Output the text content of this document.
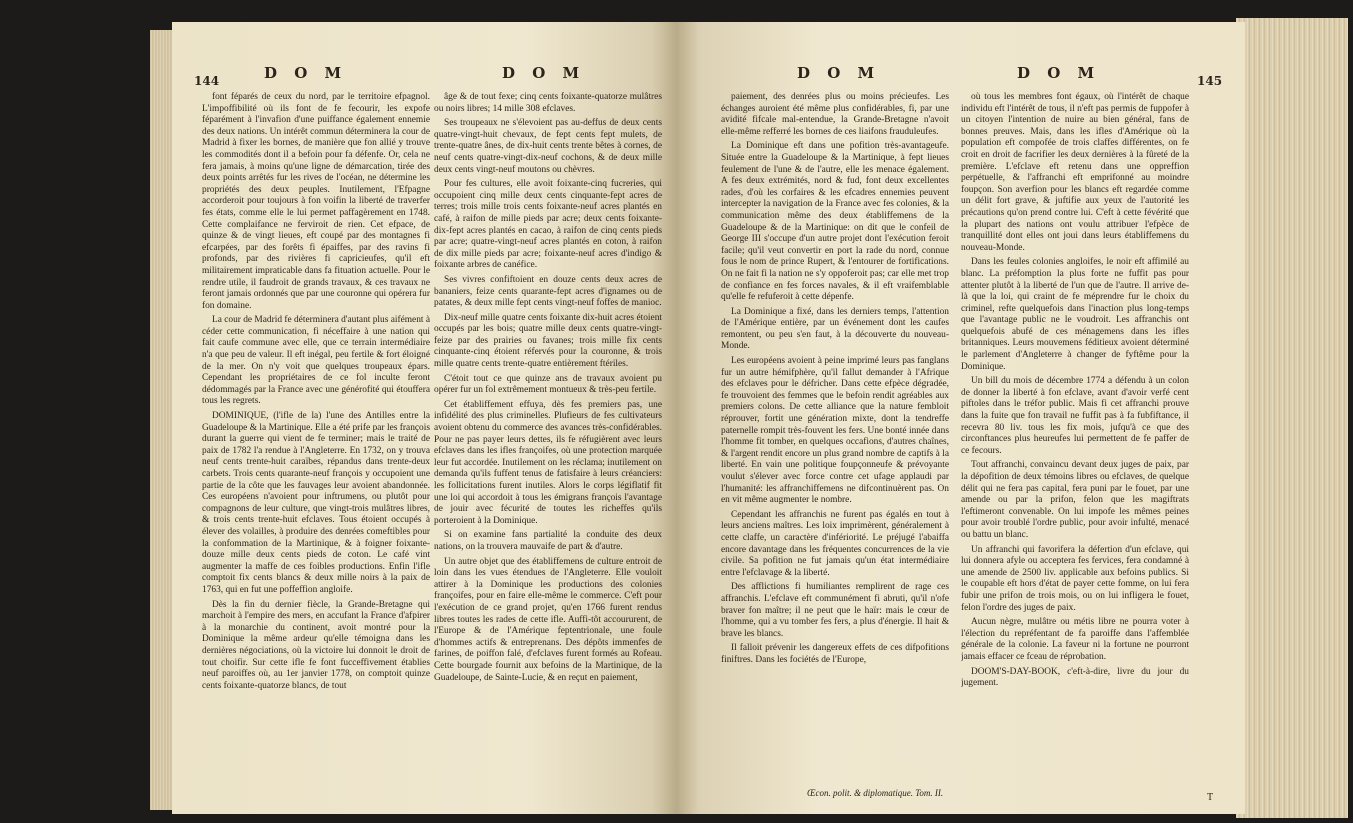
144	D O M	D O M

font féparés de ceux du nord, par le territoire efpagnol. L'impoffibilité où ils font de fe fecourir, les expofe féparément à l'invafion d'une puiffance également ennemie des deux nations. Un intérêt commun déterminera la cour de Madrid à fixer les bornes, de manière que fon allié y trouve les commodités dont il a befoin pour fa défenfe. Or, cela ne fera jamais, à moins qu'une ligne de démarcation, tirée des deux points arrêtés fur les rives de l'océan, ne détermine les propriétés des deux peuples. Inutilement, l'Efpagne accorderoit pour toujours à fon voifin la liberté de traverfer fes états, comme elle le lui permet paffagèrement en 1748. Cette complaifance ne ferviroit de rien. Cet efpace, de quinze & de vingt lieues, eft coupé par des montagnes fi efcarpées, par des forêts fi épaiffes, par des ravins fi profonds, par des rivières fi capricieufes, qu'il eft militairement impraticable dans fa fituation actuelle. Pour le rendre utile, il faudroit de grands travaux, & ces travaux ne feront jamais ordonnés que par une couronne qui opérera fur fon domaine.

La cour de Madrid fe déterminera d'autant plus aifément à céder cette communication, fi néceffaire à une nation qui fait caufe commune avec elle, que ce terrain intermédiaire n'a que peu de valeur. Il eft inégal, peu fertile & fort éloigné de la mer. On n'y voit que quelques troupeaux épars. Cependant les propriétaires de ce fol inculte feront dédommagés par la France avec une générofité qui étouffera tous les regrets.

DOMINIQUE, (l'ifle de la) l'une des Antilles entre la Guadeloupe & la Martinique. Elle a été prife par les françois durant la guerre qui vient de fe terminer; mais le traité de paix de 1782 l'a rendue à l'Angleterre. En 1732, on y trouva neuf cents trente-huit caraïbes, répandus dans trente-deux carbets. Trois cents quarante-neuf françois y occupoient une partie de la côte que les fauvages leur avoient abandonnée. Ces européens n'avoient pour inftrumens, ou plutôt pour compagnons de leur culture, que vingt-trois mulâtres libres, & trois cents trente-huit efclaves. Tous étoient occupés à élever des volailles, à produire des denrées comeftibles pour la confommation de la Martinique, & à foigner foixante-douze mille deux cents pieds de coton. Le café vint augmenter la maffe de ces foibles productions. Enfin l'ifle comptoit fix cents blancs & deux mille noirs à la paix de 1763, qui en fut une poffeffion angloife.

Dès la fin du dernier fiècle, la Grande-Bretagne qui marchoit à l'empire des mers, en accufant la France d'afpirer à la monarchie du continent, avoit montré pour la Dominique la même ardeur qu'elle témoigna dans les dernières négociations, où la victoire lui donnoit le droit de tout choifir. Sur cette ifle fe font fucceffivement établies neuf paroiffes où, au 1er janvier 1778, on comptoit quinze cents foixante-quatorze blancs, de tout

âge & de tout fexe; cinq cents foixante-quatorze mulâtres ou noirs libres; 14 mille 308 efclaves.

Ses troupeaux ne s'élevoient pas au-deffus de deux cents quatre-vingt-huit chevaux, de fept cents fept mulets, de trente-quatre ânes, de dix-huit cents trente bêtes à cornes, de neuf cents quatre-vingt-dix-neuf cochons, & de deux mille deux cents vingt-neuf moutons ou chèvres.

Pour fes cultures, elle avoit foixante-cinq fucreries, qui occupoient cinq mille deux cents cinquante-fept acres de terres; trois mille trois cents foixante-neuf acres plantés en café, à raifon de mille pieds par acre; deux cents foixante-dix-fept acres plantés en cacao, à raifon de cinq cents pieds par acre; quatre-vingt-neuf acres plantés en coton, à raifon de dix mille pieds par acre; foixante-neuf acres d'indigo & foixante arbres de canéfice.

Ses vivres confiftoient en douze cents deux acres de bananiers, feize cents quarante-fept acres d'ignames ou de patates, & deux mille fept cents vingt-neuf foffes de manioc.

Dix-neuf mille quatre cents foixante dix-huit acres étoient occupés par les bois; quatre mille deux cents quatre-vingt-feize par des prairies ou favanes; trois mille fix cents cinquante-cinq étoient réfervés pour la couronne, & trois mille quatre cents trente-quatre entièrement ftériles.

C'étoit tout ce que quinze ans de travaux avoient pu opérer fur un fol extrêmement montueux & très-peu fertile.

Cet établiffement effuya, dès fes premiers pas, une infidélité des plus criminelles. Plufieurs de fes cultivateurs avoient obtenu du commerce des avances très-confidérables. Pour ne pas payer leurs dettes, ils fe réfugièrent avec leurs efclaves dans les ifles françoifes, où une protection marquée leur fut accordée. Inutilement on les réclama; inutilement on demanda qu'ils fuffent tenus de fatisfaire à leurs créanciers: les follicitations furent inutiles. Alors le corps légiflatif fit une loi qui accordoit à tous les émigrans françois l'avantage de jouir avec fécurité de toutes les richeffes qu'ils porteroient à la Dominique.

Si on examine fans partialité la conduite des deux nations, on la trouvera mauvaife de part & d'autre.

Un autre objet que des établiffemens de culture entroit de loin dans les vues étendues de l'Angleterre. Elle vouloit attirer à la Dominique les productions des colonies françoifes, pour en faire elle-même le commerce. C'eft pour l'exécution de ce grand projet, qu'en 1766 furent rendus libres toutes les rades de cette ifle. Auffi-tôt accoururent, de l'Europe & de l'Amérique feptentrionale, une foule d'hommes actifs & entreprenans. Des dépôts immenfes de farines, de poiffon falé, d'efclaves furent formés au Rofeau. Cette bourgade fournit aux befoins de la Martinique, de la Guadeloupe, de Sainte-Lucie, & en reçut en paiement,

D O M	D O M	145

paiement, des denrées plus ou moins précieufes. Les échanges auroient été même plus confidérables, fi, par une avidité fifcale mal-entendue, la Grande-Bretagne n'avoit elle-même refferré les bornes de ces liaifons frauduleufes.

La Dominique eft dans une pofition très-avantageufe. Située entre la Guadeloupe & la Martinique, à fept lieues feulement de l'une & de l'autre, elle les menace également. A fes deux extrémités, nord & fud, font deux excellentes rades, d'où les corfaires & les efcadres ennemies peuvent intercepter la navigation de la France avec fes colonies, & la communication même des deux établiffemens de la Guadeloupe & de la Martinique: on dit que le confeil de George III s'occupe d'un autre projet dont l'exécution feroit facile; qu'il veut convertir en port la rade du nord, connue fous le nom de prince Rupert, & l'entourer de fortifications. On ne fait fi la nation ne s'y oppoferoit pas; car elle met trop de confiance en fes forces navales, & il eft vraifemblable qu'elle fe refuferoit à cette dépenfe.

La Dominique a fixé, dans les derniers temps, l'attention de l'Amérique entière, par un événement dont les caufes remontent, ou peu s'en faut, à la découverte du nouveau-Monde.

Les européens avoient à peine imprimé leurs pas fanglans fur un autre hémifphère, qu'il fallut demander à l'Afrique des efclaves pour le défricher. Dans cette efpèce dégradée, fe trouvoient des femmes que le befoin rendit agréables aux premiers colons. De cette alliance que la nature fembloit réprouver, fortit une génération mixte, dont la tendreffe paternelle rompit très-fouvent les fers. Une bonté innée dans l'homme fit tomber, en quelques occafions, d'autres chaînes, & l'argent rendit encore un plus grand nombre de captifs à la liberté. En vain une politique foupçonneufe & prévoyante voulut s'élever avec force contre cet ufage applaudi par l'humanité: les affranchiffemens ne difcontinuèrent pas. On en vit même augmenter le nombre.

Cependant les affranchis ne furent pas égalés en tout à leurs anciens maîtres. Les loix imprimèrent, généralement à cette claffe, un caractère d'infériorité. Le préjugé l'abaiffa encore davantage dans les fréquentes concurrences de la vie civile. Sa pofition ne fut jamais qu'un état intermédiaire entre l'efclavage & la liberté.

Des afflictions fi humiliantes remplirent de rage ces affranchis. L'efclave eft communément fi abruti, qu'il n'ofe braver fon maître; il ne peut que le haïr: mais le cœur de l'homme, qui a vu tomber fes fers, a plus d'énergie. Il hait & brave les blancs.

Il falloit prévenir les dangereux effets de ces difpofitions finiftres. Dans les fociétés de l'Europe,

où tous les membres font égaux, où l'intérêt de chaque individu eft l'intérêt de tous, il n'eft pas permis de fuppofer à un citoyen l'intention de nuire au bien général, fans de bonnes preuves. Mais, dans les ifles d'Amérique où la population eft compofée de trois claffes différentes, on fe croit en droit de facrifier les deux dernières à la fûreté de la première. L'efclave eft retenu dans une oppreffion perpétuelle, & l'affranchi eft emprifonné au moindre foupçon. Son averfion pour les blancs eft regardée comme un délit fort grave, & juftifie aux yeux de l'autorité les précautions qu'on prend contre lui. C'eft à cette févérité que la plupart des nations ont voulu attribuer l'efpèce de tranquillité dont elles ont joui dans leurs établiffemens du nouveau-Monde.

Dans les feules colonies angloifes, le noir eft affimilé au blanc. La préfomption la plus forte ne fuffit pas pour attenter plutôt à la liberté de l'un que de l'autre. Il arrive de-là que la loi, qui craint de fe méprendre fur le choix du criminel, refte quelquefois dans l'inaction plus long-temps que l'avantage public ne le voudroit. Les affranchis ont quelquefois abufé de ces ménagemens dans les ifles britanniques. Leurs mouvemens féditieux avoient déterminé le parlement d'Angleterre à changer de fyftême pour la Dominique.

Un bill du mois de décembre 1774 a défendu à un colon de donner la liberté à fon efclave, avant d'avoir verfé cent piftoles dans le tréfor public. Mais fi cet affranchi prouve dans la fuite que fon travail ne fuffit pas à fa fubfiftance, il recevra 80 liv. tous les fix mois, jufqu'à ce que des circonftances plus heureufes lui permettent de fe paffer de ce fecours.

Tout affranchi, convaincu devant deux juges de paix, par la dépofition de deux témoins libres ou efclaves, de quelque délit qui ne fera pas capital, fera puni par le fouet, par une amende ou par la prifon, felon que les magiftrats l'eftimeront convenable. On lui impofe les mêmes peines pour avoir troublé l'ordre public, pour avoir infulté, menacé ou battu un blanc.

Un affranchi qui favorifera la défertion d'un efclave, qui lui donnera afyle ou acceptera fes fervices, fera condamné à une amende de 2500 liv. applicable aux befoins publics. Si le coupable eft hors d'état de payer cette fomme, on lui fera fubir une prifon de trois mois, ou on lui infligera le fouet, felon l'ordre des juges de paix.

Aucun nègre, mulâtre ou métis libre ne pourra voter à l'élection du repréfentant de fa paroiffe dans l'affemblée générale de la colonie. La faveur ni la fortune ne pourront jamais effacer ce fceau de réprobation.

DOOM'S-DAY-BOOK, c'eft-à-dire, livre du jour du jugement.

Œcon. polit. & diplomatique. Tom. II.	T
